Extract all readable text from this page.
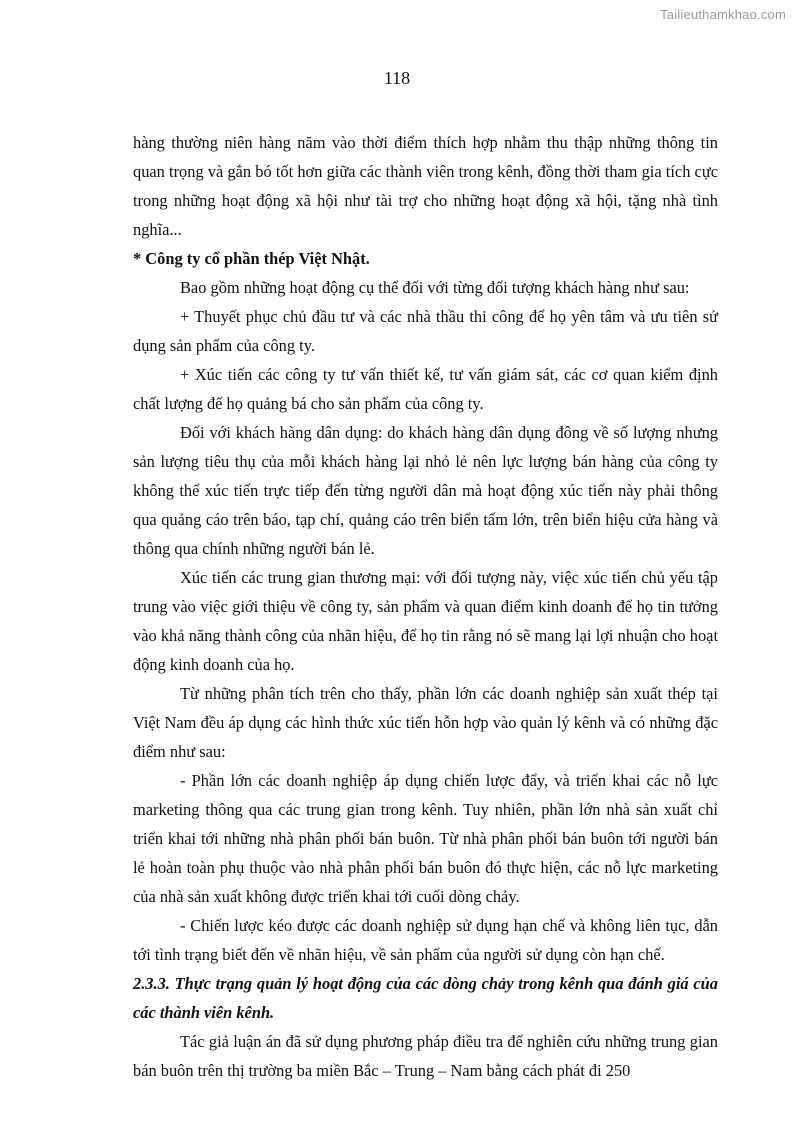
Tailieuthamkhao.com
118

hàng thường niên hàng năm vào thời điểm thích hợp nhằm thu thập những thông tin quan trọng và gắn bó tốt hơn giữa các thành viên trong kênh, đồng thời tham gia tích cực trong những hoạt động xã hội như tài trợ cho những hoạt động xã hội, tặng nhà tình nghĩa...

* Công ty cổ phần thép Việt Nhật.

Bao gồm những hoạt động cụ thể đối với từng đối tượng khách hàng như sau:

+ Thuyết phục chủ đầu tư và các nhà thầu thi công để họ yên tâm và ưu tiên sử dụng sản phẩm của công ty.

+ Xúc tiến các công ty tư vấn thiết kế, tư vấn giám sát, các cơ quan kiểm định chất lượng để họ quảng bá cho sản phẩm của công ty.

Đối với khách hàng dân dụng: do khách hàng dân dụng đông về số lượng nhưng sản lượng tiêu thụ của mỗi khách hàng lại nhỏ lẻ nên lực lượng bán hàng của công ty không thể xúc tiến trực tiếp đến từng người dân mà hoạt động xúc tiến này phải thông qua quảng cáo trên báo, tạp chí, quảng cáo trên biển tấm lớn, trên biển hiệu cửa hàng và thông qua chính những người bán lẻ.

Xúc tiến các trung gian thương mại: với đối tượng này, việc xúc tiến chủ yếu tập trung vào việc giới thiệu về công ty, sản phẩm và quan điểm kinh doanh để họ tin tưởng vào khả năng thành công của nhãn hiệu, để họ tin rằng nó sẽ mang lại lợi nhuận cho hoạt động kinh doanh của họ.

Từ những phân tích trên cho thấy, phần lớn các doanh nghiệp sản xuất thép tại Việt Nam đều áp dụng các hình thức xúc tiến hỗn hợp vào quản lý kênh và có những đặc điểm như sau:

- Phần lớn các doanh nghiệp áp dụng chiến lược đẩy, và triển khai các nỗ lực marketing thông qua các trung gian trong kênh. Tuy nhiên, phần lớn nhà sản xuất chỉ triển khai tới những nhà phân phối bán buôn. Từ nhà phân phối bán buôn tới người bán lẻ hoàn toàn phụ thuộc vào nhà phân phối bán buôn đó thực hiện, các nỗ lực marketing của nhà sản xuất không được triển khai tới cuối dòng chảy.

- Chiến lược kéo được các doanh nghiệp sử dụng hạn chế và không liên tục, dẫn tới tình trạng biết đến về nhãn hiệu, về sản phẩm của người sử dụng còn hạn chế.

2.3.3. Thực trạng quản lý hoạt động của các dòng chảy trong kênh qua đánh giá của các thành viên kênh.

Tác giả luận án đã sử dụng phương pháp điều tra để nghiên cứu những trung gian bán buôn trên thị trường ba miền Bắc – Trung – Nam bằng cách phát đi 250
